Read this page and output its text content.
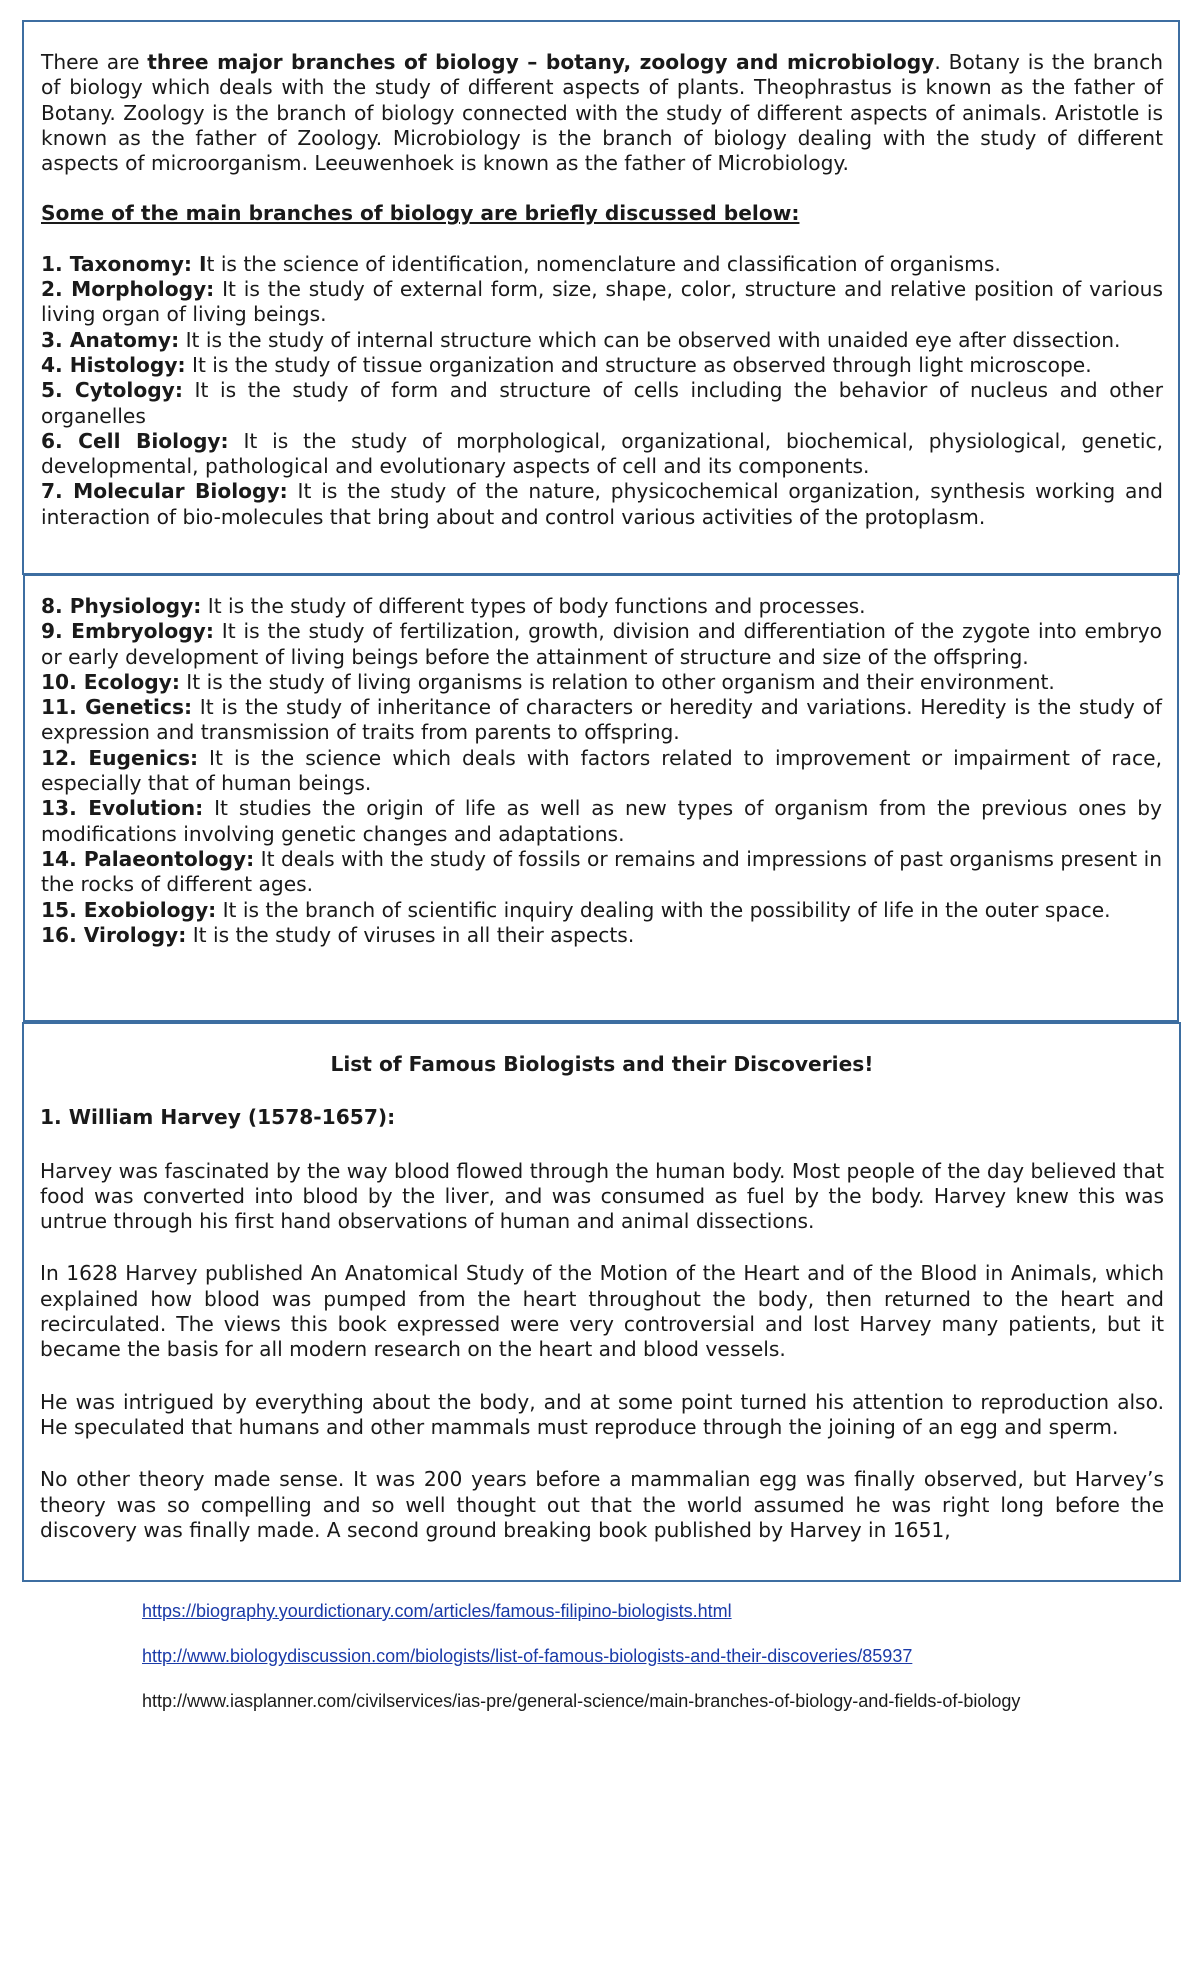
There are three major branches of biology – botany, zoology and microbiology. Botany is the branch of biology which deals with the study of different aspects of plants. Theophrastus is known as the father of Botany. Zoology is the branch of biology connected with the study of different aspects of animals. Aristotle is known as the father of Zoology. Microbiology is the branch of biology dealing with the study of different aspects of microorganism. Leeuwenhoek is known as the father of Microbiology.

Some of the main branches of biology are briefly discussed below:

1. Taxonomy: It is the science of identification, nomenclature and classification of organisms.

2. Morphology: It is the study of external form, size, shape, color, structure and relative position of various living organ of living beings.

3. Anatomy: It is the study of internal structure which can be observed with unaided eye after dissection.

4. Histology: It is the study of tissue organization and structure as observed through light microscope.

5. Cytology: It is the study of form and structure of cells including the behavior of nucleus and other organelles

6. Cell Biology: It is the study of morphological, organizational, biochemical, physiological, genetic, developmental, pathological and evolutionary aspects of cell and its components.

7. Molecular Biology: It is the study of the nature, physicochemical organization, synthesis working and interaction of bio-molecules that bring about and control various activities of the protoplasm.

8. Physiology: It is the study of different types of body functions and processes.

9. Embryology: It is the study of fertilization, growth, division and differentiation of the zygote into embryo or early development of living beings before the attainment of structure and size of the offspring.

10. Ecology: It is the study of living organisms is relation to other organism and their environment.

11. Genetics: It is the study of inheritance of characters or heredity and variations. Heredity is the study of expression and transmission of traits from parents to offspring.

12. Eugenics: It is the science which deals with factors related to improvement or impairment of race, especially that of human beings.

13. Evolution: It studies the origin of life as well as new types of organism from the previous ones by modifications involving genetic changes and adaptations.

14. Palaeontology: It deals with the study of fossils or remains and impressions of past organisms present in the rocks of different ages.

15. Exobiology: It is the branch of scientific inquiry dealing with the possibility of life in the outer space.

16. Virology: It is the study of viruses in all their aspects.

List of Famous Biologists and their Discoveries!

1. William Harvey (1578-1657):

Harvey was fascinated by the way blood flowed through the human body. Most people of the day believed that food was converted into blood by the liver, and was consumed as fuel by the body. Harvey knew this was untrue through his first hand observations of human and animal dissections.

In 1628 Harvey published An Anatomical Study of the Motion of the Heart and of the Blood in Animals, which explained how blood was pumped from the heart throughout the body, then returned to the heart and recirculated. The views this book expressed were very controversial and lost Harvey many patients, but it became the basis for all modern research on the heart and blood vessels.

He was intrigued by everything about the body, and at some point turned his attention to reproduction also. He speculated that humans and other mammals must reproduce through the joining of an egg and sperm.

No other theory made sense. It was 200 years before a mammalian egg was finally observed, but Harvey’s theory was so compelling and so well thought out that the world assumed he was right long before the discovery was finally made. A second ground breaking book published by Harvey in 1651,

https://biography.yourdictionary.com/articles/famous-filipino-biologists.html
http://www.biologydiscussion.com/biologists/list-of-famous-biologists-and-their-discoveries/85937
http://www.iasplanner.com/civilservices/ias-pre/general-science/main-branches-of-biology-and-fields-of-biology
